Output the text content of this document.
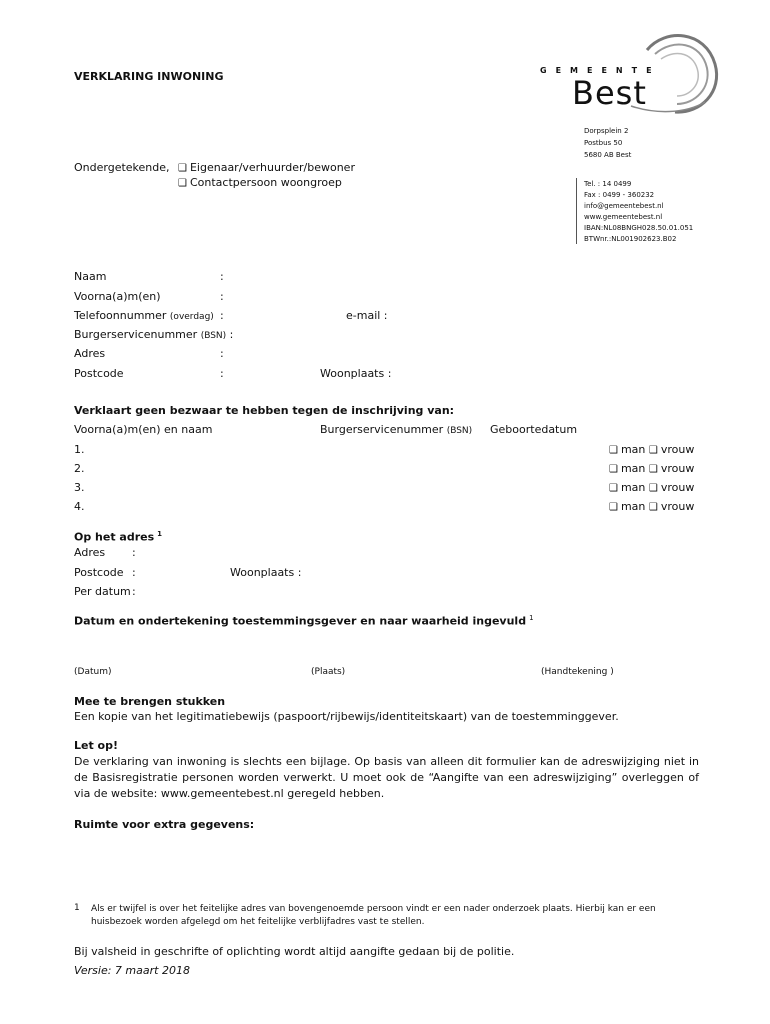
VERKLARING INWONING	GEMEENTE
Best
Dorpsplein 2
Postbus 50
5680 AB Best
Tel. : 14 0499
Fax : 0499 - 360232
info@gemeentebest.nl
www.gemeentebest.nl
IBAN:NL08BNGH028.50.01.051
BTWnr.:NL001902623.B02
Ondergetekende, ❑ Eigenaar/verhuurder/bewoner
❑ Contactpersoon woongroep
Naam	:
Voorna(a)m(en)	:
Telefoonnummer (overdag) :	e-mail :
Burgerservicenummer (BSN) :
Adres	:
Postcode	:	Woonplaats :
Verklaart geen bezwaar te hebben tegen de inschrijving van:
Voorna(a)m(en) en naam	Burgerservicenummer (BSN) Geboortedatum
1.	❑ man ❑ vrouw
2.	❑ man ❑ vrouw
3.	❑ man ❑ vrouw
4.	❑ man ❑ vrouw
Op het adres $^1$
Adres :
Postcode :	Woonplaats :
Per datum :
Datum en ondertekening toestemmingsgever en naar waarheid ingevuld $^1$
(Datum)	(Plaats)	(Handtekening )
Mee te brengen stukken
Een kopie van het legitimatiebewijs (paspoort/rijbewijs/identiteitskaart) van de toestemminggever.
Let op!
De verklaring van inwoning is slechts een bijlage. Op basis van alleen dit formulier kan de adreswijziging niet in de Basisregistratie personen worden verwerkt. U moet ook de “Aangifte van een adreswijziging” overleggen of via de website: www.gemeentebest.nl geregeld hebben.
Ruimte voor extra gegevens:
1 Als er twijfel is over het feitelijke adres van bovengenoemde persoon vindt er een nader onderzoek plaats. Hierbij kan er een huisbezoek worden afgelegd om het feitelijke verblijfadres vast te stellen.
Bij valsheid in geschrifte of oplichting wordt altijd aangifte gedaan bij de politie.
Versie: 7 maart 2018
